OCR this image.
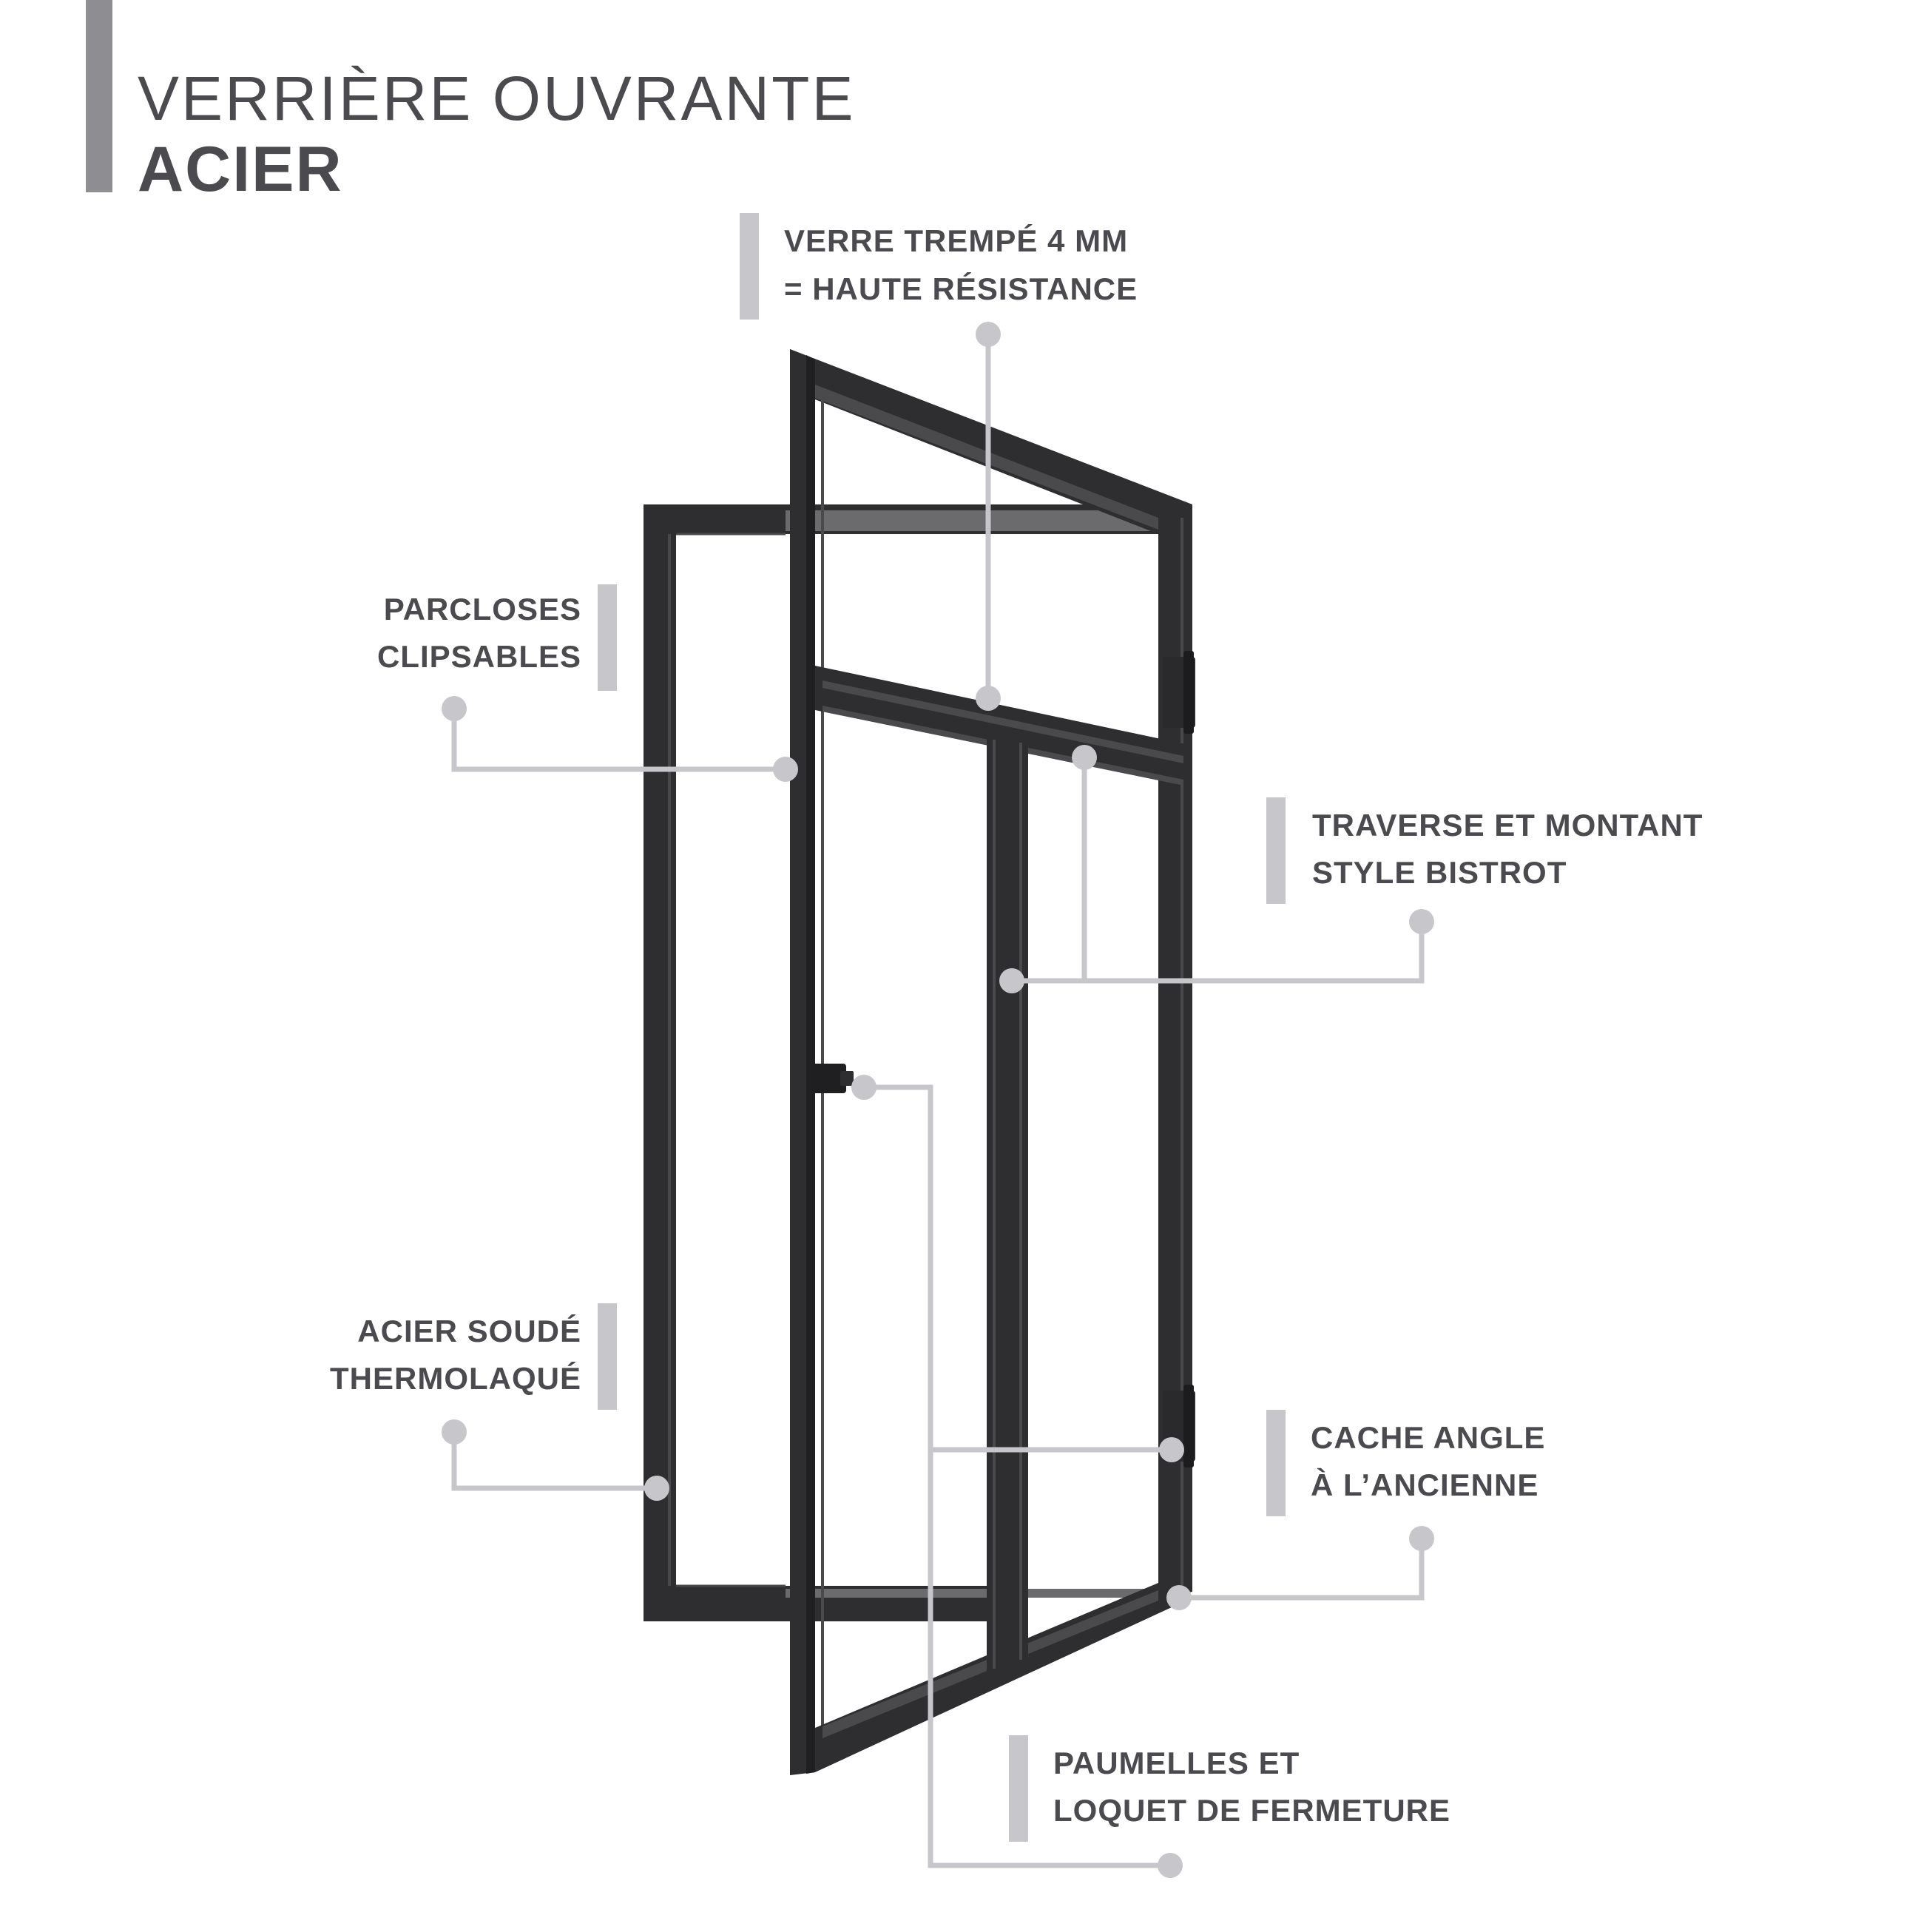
VERRIÈRE OUVRANTE
ACIER
VERRE TREMPÉ 4 MM
= HAUTE RÉSISTANCE
PARCLOSES
CLIPSABLES
TRAVERSE ET MONTANT
STYLE BISTROT
ACIER SOUDÉ
THERMOLAQUÉ
CACHE ANGLE
À L’ANCIENNE
PAUMELLES ET
LOQUET DE FERMETURE
